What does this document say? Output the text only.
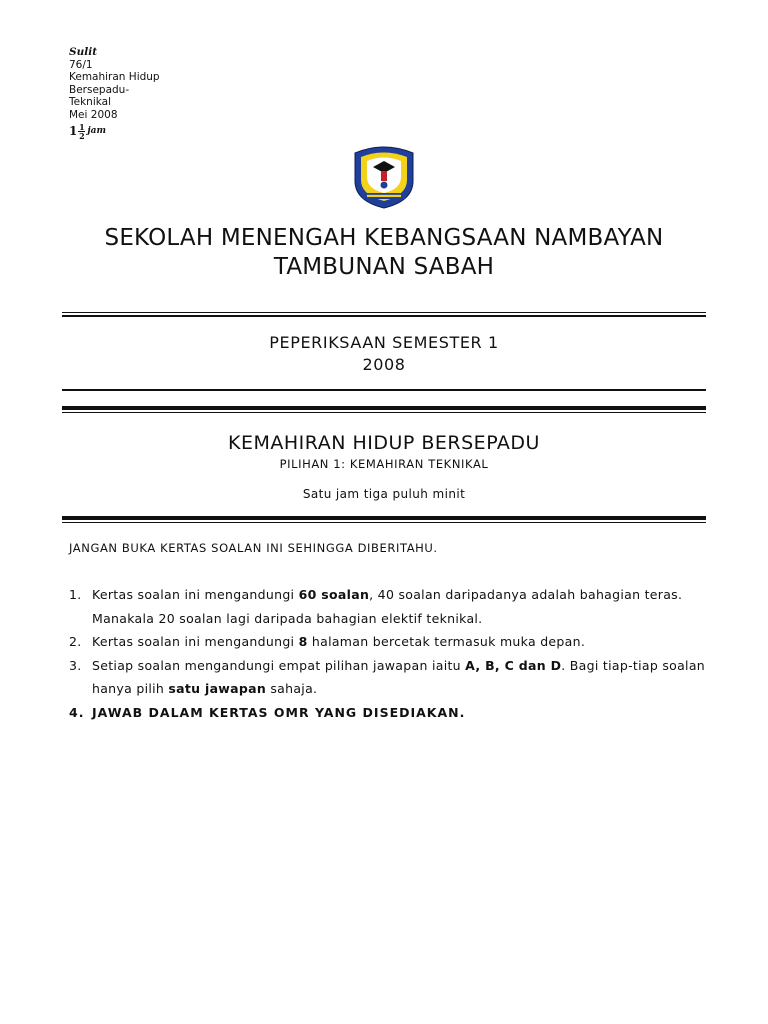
Sulit
76/1
Kemahiran Hidup
Bersepadu-
Teknikal
Mei 2008
$1 \frac{1}{2}$ jam
SEKOLAH MENENGAH KEBANGSAAN NAMBAYAN
TAMBUNAN SABAH
PEPERIKSAAN SEMESTER 1
2008
KEMAHIRAN HIDUP BERSEPADU
PILIHAN 1: KEMAHIRAN TEKNIKAL
Satu jam tiga puluh minit
JANGAN BUKA KERTAS SOALAN INI SEHINGGA DIBERITAHU.
1. Kertas soalan ini mengandungi 60 soalan, 40 soalan daripadanya adalah bahagian teras. Manakala 20 soalan lagi daripada bahagian elektif teknikal.
2. Kertas soalan ini mengandungi 8 halaman bercetak termasuk muka depan.
3. Setiap soalan mengandungi empat pilihan jawapan iaitu A, B, C dan D. Bagi tiap-tiap soalan hanya pilih satu jawapan sahaja.
4. JAWAB DALAM KERTAS OMR YANG DISEDIAKAN.
